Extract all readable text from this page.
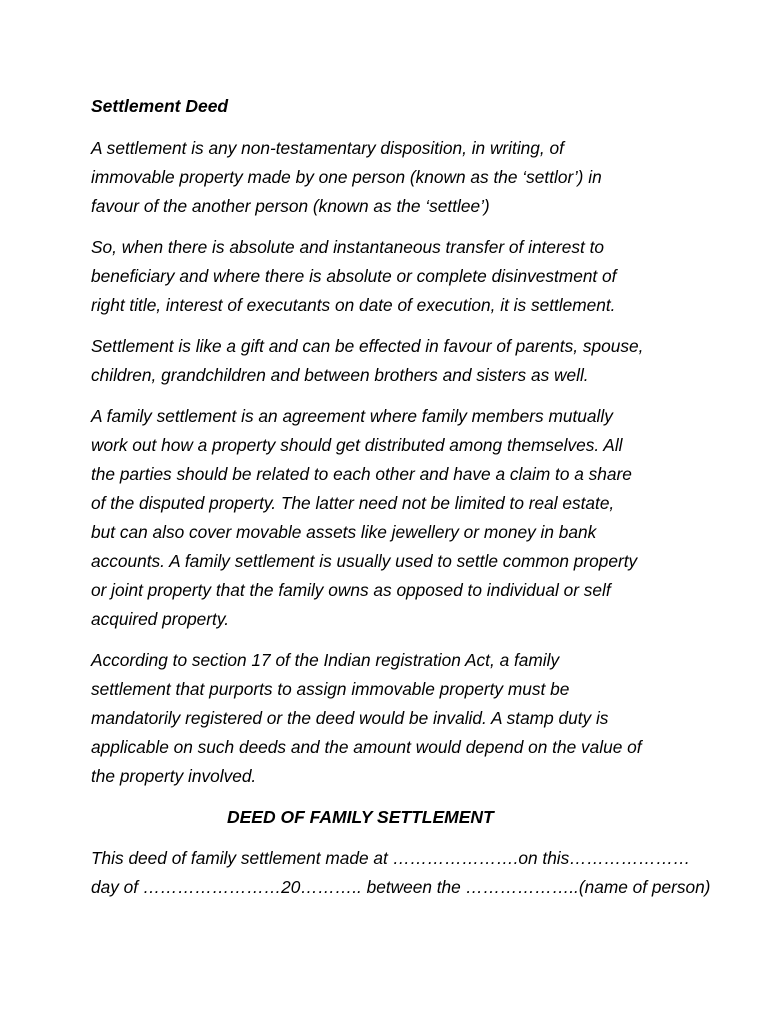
Settlement Deed
A settlement is any non-testamentary disposition, in writing, of
immovable property made by one person (known as the ‘settlor’) in
favour of the another person (known as the ‘settlee’)
So, when there is absolute and instantaneous transfer of interest to
beneficiary and where there is absolute or complete disinvestment of
right title, interest of executants on date of execution, it is settlement.
Settlement is like a gift and can be effected in favour of parents, spouse,
children, grandchildren and between brothers and sisters as well.
A family settlement is an agreement where family members mutually
work out how a property should get distributed among themselves. All
the parties should be related to each other and have a claim to a share
of the disputed property. The latter need not be limited to real estate,
but can also cover movable assets like jewellery or money in bank
accounts. A family settlement is usually used to settle common property
or joint property that the family owns as opposed to individual or self
acquired property.
According to section 17 of the Indian registration Act, a family
settlement that purports to assign immovable property must be
mandatorily registered or the deed would be invalid. A stamp duty is
applicable on such deeds and the amount would depend on the value of
the property involved.
DEED OF FAMILY SETTLEMENT
This deed of family settlement made at ………………….on this…………………
day of ……………………20……….. between the ………………..(name of person)
